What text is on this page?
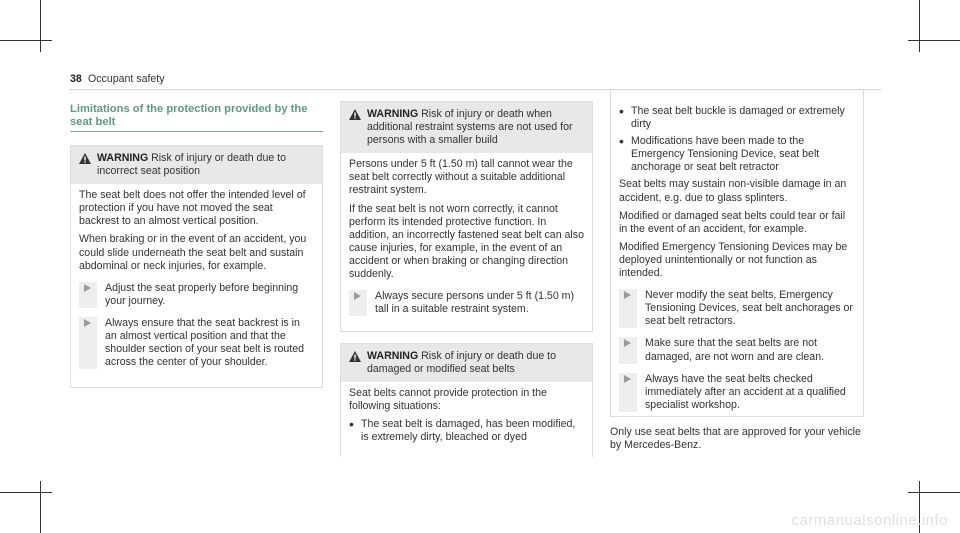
38 Occupant safety
Limitations of the protection provided by the seat belt
WARNING Risk of injury or death due to incorrect seat position

The seat belt does not offer the intended level of protection if you have not moved the seat backrest to an almost vertical position.

When braking or in the event of an accident, you could slide underneath the seat belt and sustain abdominal or neck injuries, for example.

Adjust the seat properly before beginning your journey.
Always ensure that the seat backrest is in an almost vertical position and that the shoulder section of your seat belt is routed across the center of your shoulder.
WARNING Risk of injury or death when additional restraint systems are not used for persons with a smaller build

Persons under 5 ft (1.50 m) tall cannot wear the seat belt correctly without a suitable additional restraint system.

If the seat belt is not worn correctly, it cannot perform its intended protective function. In addition, an incorrectly fastened seat belt can also cause injuries, for example, in the event of an accident or when braking or changing direction suddenly.

Always secure persons under 5 ft (1.50 m) tall in a suitable restraint system.
WARNING Risk of injury or death due to damaged or modified seat belts

Seat belts cannot provide protection in the following situations:

• The seat belt is damaged, has been modified, is extremely dirty, bleached or dyed
• The seat belt buckle is damaged or extremely dirty
• Modifications have been made to the Emergency Tensioning Device, seat belt anchorage or seat belt retractor

Seat belts may sustain non-visible damage in an accident, e.g. due to glass splinters.

Modified or damaged seat belts could tear or fail in the event of an accident, for example.

Modified Emergency Tensioning Devices may be deployed unintentionally or not function as intended.

Never modify the seat belts, Emergency Tensioning Devices, seat belt anchorages or seat belt retractors.
Make sure that the seat belts are not damaged, are not worn and are clean.
Always have the seat belts checked immediately after an accident at a qualified specialist workshop.
Only use seat belts that are approved for your vehicle by Mercedes-Benz.
carmanualsonline.info
